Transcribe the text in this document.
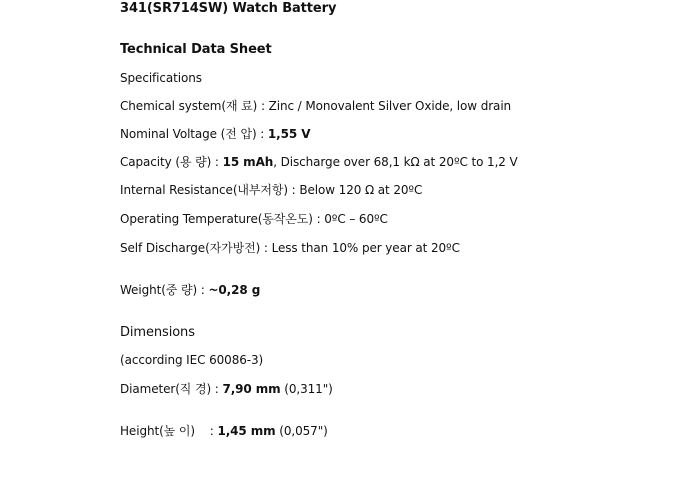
341(SR714SW) Watch Battery
Technical Data Sheet
Specifications
Chemical system(재 료) : Zinc / Monovalent Silver Oxide, low drain
Nominal Voltage (전 압) : 1,55 V
Capacity (용 량) : 15 mAh, Discharge over 68,1 kΩ at 20ºC to 1,2 V
Internal Resistance(내부저항) : Below 120 Ω at 20ºC
Operating Temperature(동작온도) : 0ºC – 60ºC
Self Discharge(자가방전) : Less than 10% per year at 20ºC
Weight(중 량) : ~0,28 g
Dimensions
(according IEC 60086-3)
Diameter(직 경) : 7,90 mm (0,311")
Height(높 이)    : 1,45 mm (0,057")
